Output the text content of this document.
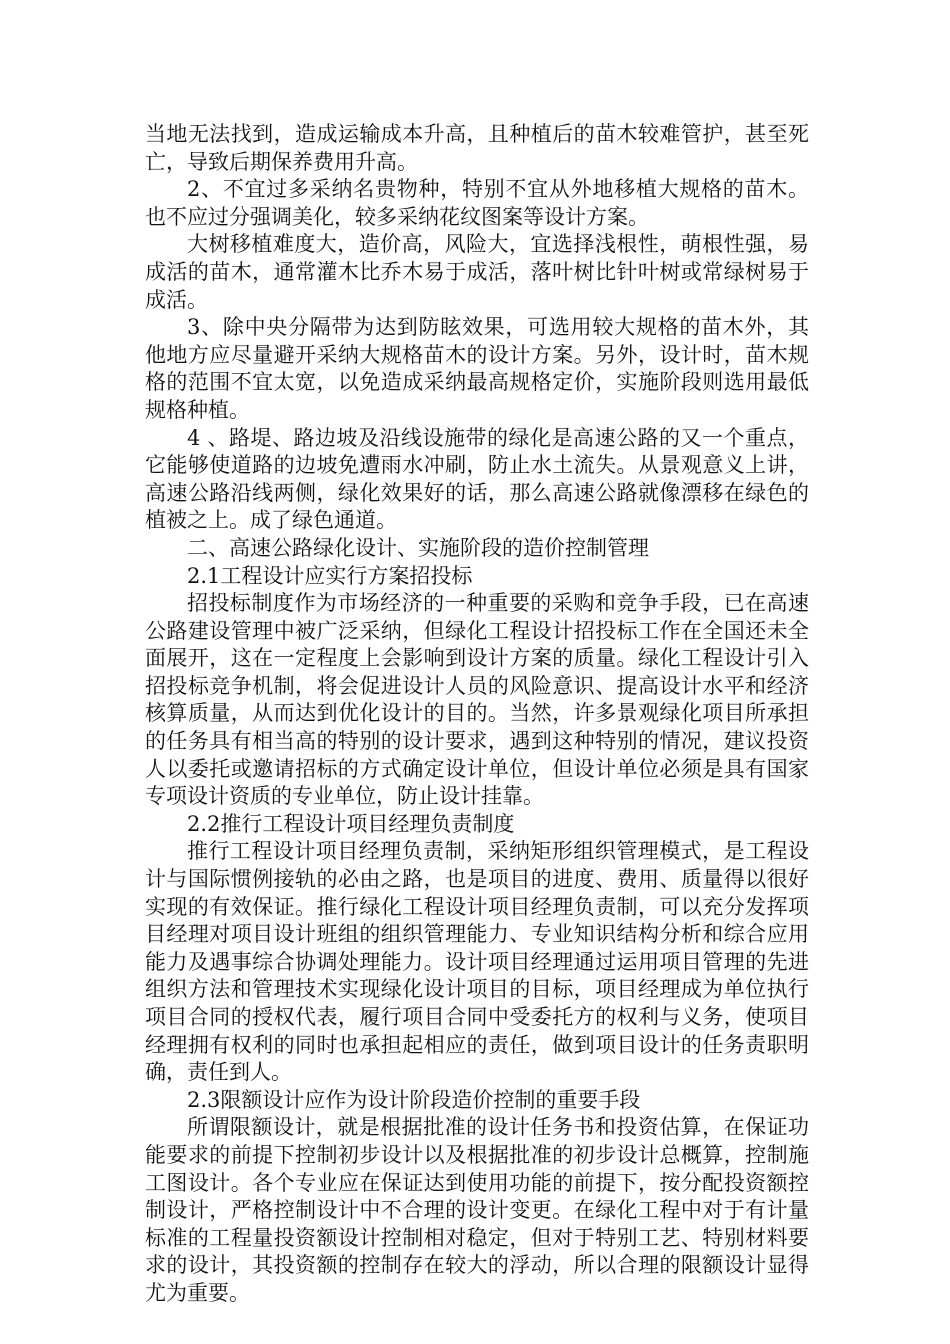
当地无法找到，造成运输成本升高，且种植后的苗木较难管护，甚至死亡，导致后期保养费用升高。

2、不宜过多采纳名贵物种，特别不宜从外地移植大规格的苗木。也不应过分强调美化，较多采纳花纹图案等设计方案。

大树移植难度大，造价高，风险大，宜选择浅根性，萌根性强，易成活的苗木，通常灌木比乔木易于成活，落叶树比针叶树或常绿树易于成活。

3、除中央分隔带为达到防眩效果，可选用较大规格的苗木外，其他地方应尽量避开采纳大规格苗木的设计方案。另外，设计时，苗木规格的范围不宜太宽，以免造成采纳最高规格定价，实施阶段则选用最低规格种植。

4 、路堤、路边坡及沿线设施带的绿化是高速公路的又一个重点，它能够使道路的边坡免遭雨水冲刷，防止水土流失。从景观意义上讲，高速公路沿线两侧，绿化效果好的话，那么高速公路就像漂移在绿色的植被之上。成了绿色通道。

二、高速公路绿化设计、实施阶段的造价控制管理

2.1工程设计应实行方案招投标

招投标制度作为市场经济的一种重要的采购和竞争手段，已在高速公路建设管理中被广泛采纳，但绿化工程设计招投标工作在全国还未全面展开，这在一定程度上会影响到设计方案的质量。绿化工程设计引入招投标竞争机制，将会促进设计人员的风险意识、提高设计水平和经济核算质量，从而达到优化设计的目的。当然，许多景观绿化项目所承担的任务具有相当高的特别的设计要求，遇到这种特别的情况，建议投资人以委托或邀请招标的方式确定设计单位，但设计单位必须是具有国家专项设计资质的专业单位，防止设计挂靠。

2.2推行工程设计项目经理负责制度

推行工程设计项目经理负责制，采纳矩形组织管理模式，是工程设计与国际惯例接轨的必由之路，也是项目的进度、费用、质量得以很好实现的有效保证。推行绿化工程设计项目经理负责制，可以充分发挥项目经理对项目设计班组的组织管理能力、专业知识结构分析和综合应用能力及遇事综合协调处理能力。设计项目经理通过运用项目管理的先进组织方法和管理技术实现绿化设计项目的目标，项目经理成为单位执行项目合同的授权代表，履行项目合同中受委托方的权利与义务，使项目经理拥有权利的同时也承担起相应的责任，做到项目设计的任务责职明确，责任到人。

2.3限额设计应作为设计阶段造价控制的重要手段

所谓限额设计，就是根据批准的设计任务书和投资估算，在保证功能要求的前提下控制初步设计以及根据批准的初步设计总概算，控制施工图设计。各个专业应在保证达到使用功能的前提下，按分配投资额控制设计，严格控制设计中不合理的设计变更。在绿化工程中对于有计量标准的工程量投资额设计控制相对稳定，但对于特别工艺、特别材料要求的设计，其投资额的控制存在较大的浮动，所以合理的限额设计显得尤为重要。
